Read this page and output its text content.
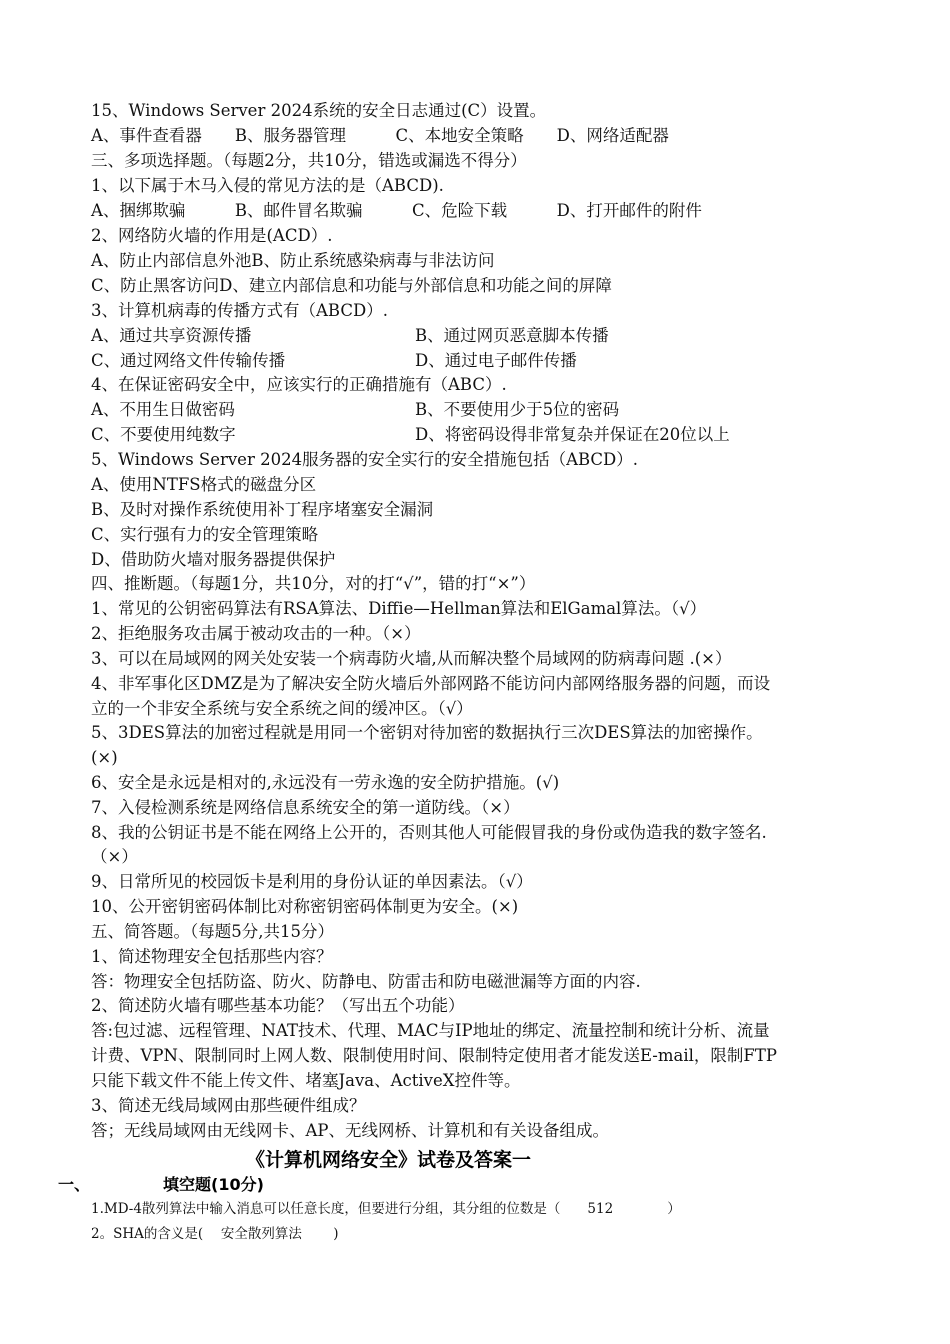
15、Windows Server 2024系统的安全日志通过(C）设置。
A、事件查看器　　B、服务器管理　　　C、本地安全策略　　D、网络适配器
三、多项选择题。（每题2分，共10分，错选或漏选不得分）
1、以下属于木马入侵的常见方法的是（ABCD).
A、捆绑欺骗　　　B、邮件冒名欺骗　　　C、危险下载　　　D、打开邮件的附件
2、网络防火墙的作用是(ACD）.
A、防止内部信息外池B、防止系统感染病毒与非法访问
C、防止黑客访问D、建立内部信息和功能与外部信息和功能之间的屏障
3、计算机病毒的传播方式有（ABCD）.
A、通过共享资源传播	B、通过网页恶意脚本传播
C、通过网络文件传输传播	D、通过电子邮件传播
4、在保证密码安全中，应该实行的正确措施有（ABC）.
A、不用生日做密码	B、不要使用少于5位的密码
C、不要使用纯数字	D、将密码设得非常复杂并保证在20位以上
5、Windows Server 2024服务器的安全实行的安全措施包括（ABCD）.
A、使用NTFS格式的磁盘分区
B、及时对操作系统使用补丁程序堵塞安全漏洞
C、实行强有力的安全管理策略
D、借助防火墙对服务器提供保护
四、推断题。（每题1分，共10分，对的打“√”，错的打“×”）
1、常见的公钥密码算法有RSA算法、Diffie—Hellman算法和ElGamal算法。（√）
2、拒绝服务攻击属于被动攻击的一种。（×）
3、可以在局域网的网关处安装一个病毒防火墙,从而解决整个局域网的防病毒问题 .(×）
4、非军事化区DMZ是为了解决安全防火墙后外部网路不能访问内部网络服务器的问题，而设
立的一个非安全系统与安全系统之间的缓冲区。（√）
5、3DES算法的加密过程就是用同一个密钥对待加密的数据执行三次DES算法的加密操作。
(×)
6、安全是永远是相对的,永远没有一劳永逸的安全防护措施。(√)
7、入侵检测系统是网络信息系统安全的第一道防线。（×）
8、我的公钥证书是不能在网络上公开的，否则其他人可能假冒我的身份或伪造我的数字签名.
（×）
9、日常所见的校园饭卡是利用的身份认证的单因素法。（√）
10、公开密钥密码体制比对称密钥密码体制更为安全。(×)
五、简答题。（每题5分,共15分）
1、简述物理安全包括那些内容？
答：物理安全包括防盗、防火、防静电、防雷击和防电磁泄漏等方面的内容.
2、简述防火墙有哪些基本功能？（写出五个功能）
答:包过滤、远程管理、NAT技术、代理、MAC与IP地址的绑定、流量控制和统计分析、流量
计费、VPN、限制同时上网人数、限制使用时间、限制特定使用者才能发送E-mail，限制FTP
只能下载文件不能上传文件、堵塞Java、ActiveX控件等。
3、简述无线局域网由那些硬件组成？
答；无线局域网由无线网卡、AP、无线网桥、计算机和有关设备组成。
《计算机网络安全》试卷及答案一
一、	填空题(10分)
1.MD-4散列算法中输入消息可以任意长度，但要进行分组，其分组的位数是（　　512　　　　）
2。SHA的含义是(　 安全散列算法　　 )
